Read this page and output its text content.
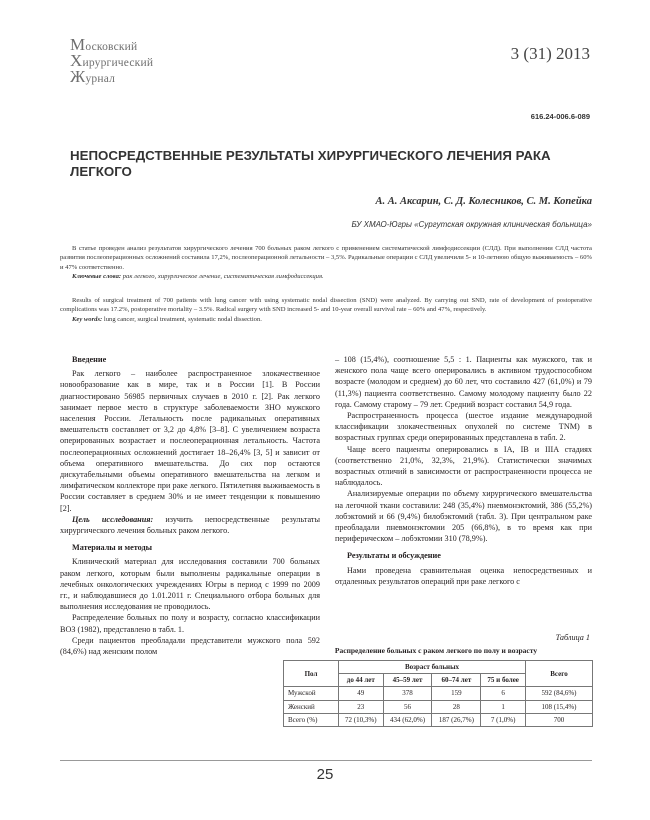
Московский
Хирургический
Журнал
3 (31) 2013
616.24-006.6-089
НЕПОСРЕДСТВЕННЫЕ РЕЗУЛЬТАТЫ ХИРУРГИЧЕСКОГО ЛЕЧЕНИЯ РАКА ЛЕГКОГО
А. А. Аксарин, С. Д. Колесников, С. М. Копейка
БУ ХМАО-Югры «Сургутская окружная клиническая больница»

В статье проведен анализ результатов хирургического лечения 700 больных раком легкого с применением систематической лимфодиссекции (СЛД). При выполнении СЛД частота развития послеоперационных осложнений составила 17,2%, послеоперационной летальности – 3,5%. Радикальные операции с СЛД увеличили 5- и 10-летнюю общую выживаемость – 60% и 47% соответственно.

Ключевые слова: рак легкого, хирургическое лечение, систематическая лимфодиссекция.

Results of surgical treatment of 700 patients with lung cancer with using systematic nodal dissection (SND) were analyzed. By carrying out SND, rate of development of postoperative complications was 17.2%, postoperative mortality – 3.5%. Radical surgery with SND increased 5- and 10-year overall survival rate – 60% and 47%, respectively.

Key words: lung cancer, surgical treatment, systematic nodal dissection.

Введение

Рак легкого – наиболее распространенное злокачественное новообразование как в мире, так и в России [1]. В России диагностировано 56985 первичных случаев в 2010 г. [2]. Рак легкого занимает первое место в структуре заболеваемости ЗНО мужского населения России. Летальность после радикальных оперативных вмешательств составляет от 3,2 до 4,8% [3–8]. С увеличением возраста оперированных возрастает и послеоперационная летальность. Частота послеоперационных осложнений достигает 18–26,4% [3, 5] и зависит от объема оперативного вмешательства. До сих пор остаются дискутабельными объемы оперативного вмешательства на легком и лимфатическом коллекторе при раке легкого. Пятилетняя выживаемость в России составляет в среднем 30% и не имеет тенденции к повышению [2].

Цель исследования: изучить непосредственные результаты хирургического лечения больных раком легкого.

Материалы и методы

Клинический материал для исследования составили 700 больных раком легкого, которым были выполнены радикальные операции в лечебных онкологических учреждениях Югры в период с 1999 по 2009 гг., и наблюдавшиеся до 1.01.2011 г. Специального отбора больных для выполнения исследования не проводилось.

Распределение больных по полу и возрасту, согласно классификации ВОЗ (1982), представлено в табл. 1.

Среди пациентов преобладали представители мужского пола 592 (84,6%) над женским полом

– 108 (15,4%), соотношение 5,5 : 1. Пациенты как мужского, так и женского пола чаще всего оперировались в активном трудоспособном возрасте (молодом и среднем) до 60 лет, что составило 427 (61,0%) и 79 (11,3%) пациента соответственно. Самому молодому пациенту было 22 года. Самому старому – 79 лет. Средний возраст составил 54,9 года.

Распространенность процесса (шестое издание международной классификации злокачественных опухолей по системе TNM) в возрастных группах среди оперированных представлена в табл. 2.

Чаще всего пациенты оперировались в IA, IB и IIIA стадиях (соответственно 21,0%, 32,3%, 21,9%). Статистически значимых возрастных отличий в зависимости от распространенности процесса не наблюдалось.

Анализируемые операции по объему хирургического вмешательства на легочной ткани составили: 248 (35,4%) пневмонэктомий, 386 (55,2%) лобэктомий и 66 (9,4%) билобэктомий (табл. 3). При центральном раке преобладали пневмонэктомии 205 (66,8%), в то время как при периферическом – лобэктомии 310 (78,9%).

Результаты и обсуждение

Нами проведена сравнительная оценка непосредственных и отдаленных результатов операций при раке легкого с

Таблица 1
Распределение больных с раком легкого по полу и возрасту
Пол	Возраст больных				Всего
	до 44 лет	45–59 лет	60–74 лет	75 и более	
Мужской	49	378	159	6	592 (84,6%)
Женский	23	56	28	1	108 (15,4%)
Всего (%)	72 (10,3%)	434 (62,0%)	187 (26,7%)	7 (1,0%)	700
25
